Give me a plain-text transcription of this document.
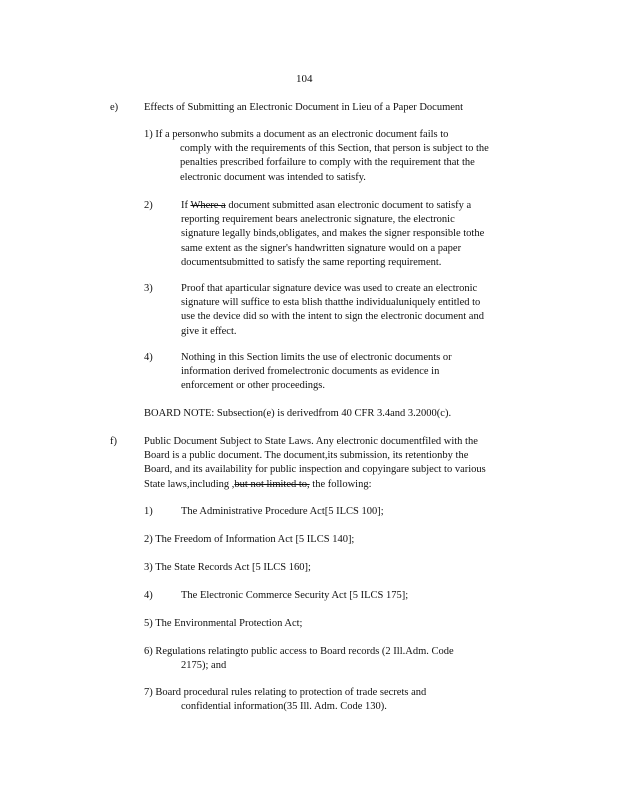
104
e) Effects of Submitting an Electronic Document in Lieu of a Paper Document
1) If a personwho submits a document as an electronic document fails to
comply with the requirements of this Section, that person is subject to the
penalties prescribed forfailure to comply with the requirement that the
electronic document was intended to satisfy.
2)	If Where a document submitted asan electronic document to satisfy a
reporting requirement bears anelectronic signature, the electronic
signature legally binds,obligates, and makes the signer responsible tothe
same extent as the signer's handwritten signature would on a paper
documentsubmitted to satisfy the same reporting requirement.
3)	Proof that aparticular signature device was used to create an electronic
signature will suffice to esta blish thatthe individualuniquely entitled to
use the device did so with the intent to sign the electronic document and
give it effect.
4)	Nothing in this Section limits the use of electronic documents or
information derived fromelectronic documents as evidence in
enforcement or other proceedings.
BOARD NOTE: Subsection(e) is derivedfrom 40 CFR 3.4and 3.2000(c).
f)	Public Document Subject to State Laws. Any electronic documentfiled with the
Board is a public document. The document,its submission, its retentionby the
Board, and its availability for public inspection and copyingare subject to various
State laws,including ,but not limited to, the following:
1)	The Administrative Procedure Act[5 ILCS 100];
2) The Freedom of Information Act [5 ILCS 140];
3) The State Records Act [5 ILCS 160];
4)	The Electronic Commerce Security Act [5 ILCS 175];
5) The Environmental Protection Act;
6) Regulations relatingto public access to Board records (2 Ill.Adm. Code
2175); and
7) Board procedural rules relating to protection of trade secrets and
confidential information(35 Ill. Adm. Code 130).
